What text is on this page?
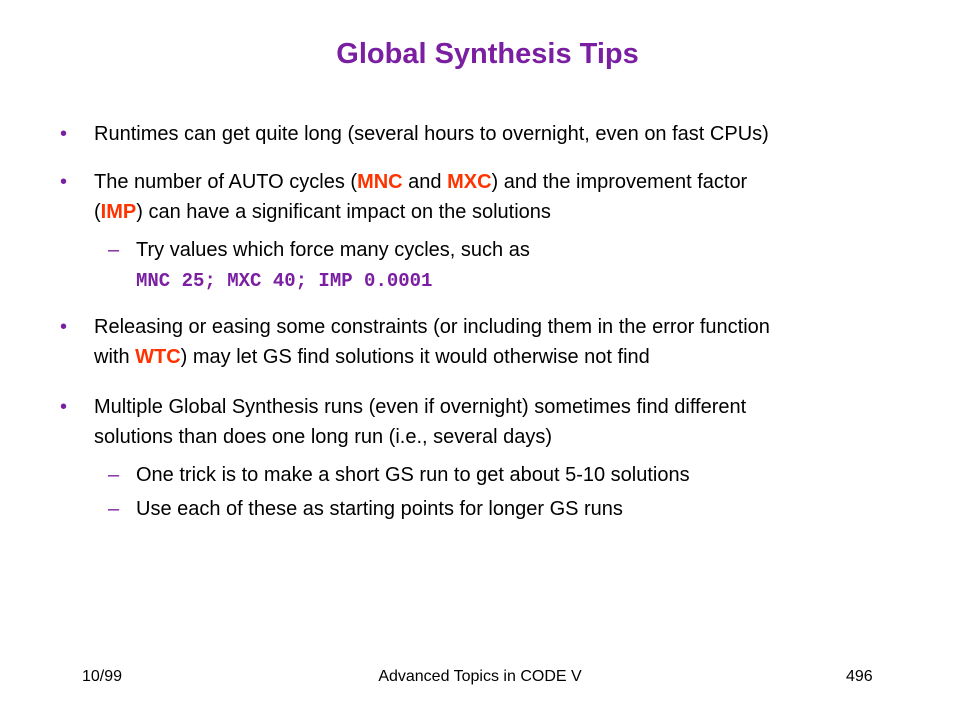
Global Synthesis Tips
• Runtimes can get quite long (several hours to overnight, even on fast CPUs)
• The number of AUTO cycles (MNC and MXC) and the improvement factor
(IMP) can have a significant impact on the solutions
– Try values which force many cycles, such as
MNC 25; MXC 40; IMP 0.0001
• Releasing or easing some constraints (or including them in the error function
with WTC) may let GS find solutions it would otherwise not find
• Multiple Global Synthesis runs (even if overnight) sometimes find different
solutions than does one long run (i.e., several days)
– One trick is to make a short GS run to get about 5-10 solutions
– Use each of these as starting points for longer GS runs
10/99	Advanced Topics in CODE V	496
